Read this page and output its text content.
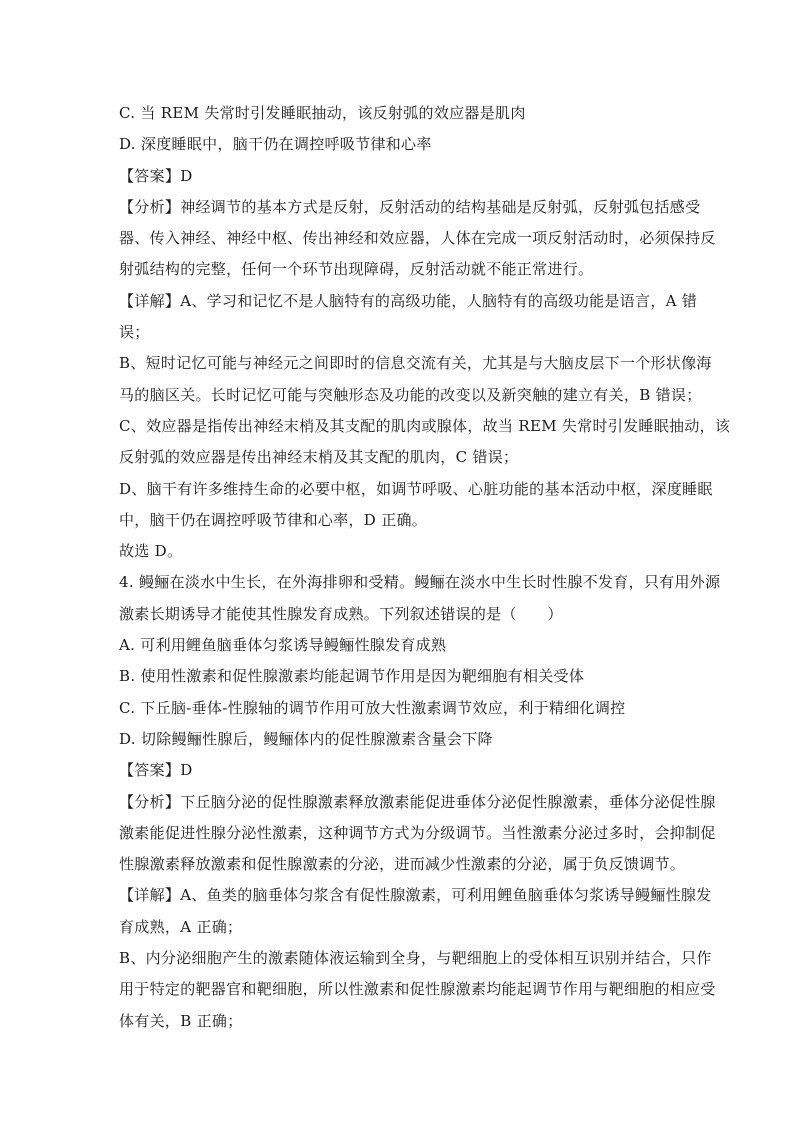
C. 当 REM 失常时引发睡眠抽动，该反射弧的效应器是肌肉
D. 深度睡眠中，脑干仍在调控呼吸节律和心率
【答案】D
【分析】神经调节的基本方式是反射，反射活动的结构基础是反射弧，反射弧包括感受
器、传入神经、神经中枢、传出神经和效应器，人体在完成一项反射活动时，必须保持反
射弧结构的完整，任何一个环节出现障碍，反射活动就不能正常进行。
【详解】A、学习和记忆不是人脑特有的高级功能，人脑特有的高级功能是语言，A 错
误；
B、短时记忆可能与神经元之间即时的信息交流有关，尤其是与大脑皮层下一个形状像海
马的脑区关。长时记忆可能与突触形态及功能的改变以及新突触的建立有关，B 错误；
C、效应器是指传出神经末梢及其支配的肌肉或腺体，故当 REM 失常时引发睡眠抽动，该
反射弧的效应器是传出神经末梢及其支配的肌肉，C 错误；
D、脑干有许多维持生命的必要中枢，如调节呼吸、心脏功能的基本活动中枢，深度睡眠
中，脑干仍在调控呼吸节律和心率，D 正确。
故选 D。
4. 鳗鲡在淡水中生长，在外海排卵和受精。鳗鲡在淡水中生长时性腺不发育，只有用外源
激素长期诱导才能使其性腺发育成熟。下列叙述错误的是（　　）
A. 可利用鲤鱼脑垂体匀浆诱导鳗鲡性腺发育成熟
B. 使用性激素和促性腺激素均能起调节作用是因为靶细胞有相关受体
C. 下丘脑-垂体-性腺轴的调节作用可放大性激素调节效应，利于精细化调控
D. 切除鳗鲡性腺后，鳗鲡体内的促性腺激素含量会下降
【答案】D
【分析】下丘脑分泌的促性腺激素释放激素能促进垂体分泌促性腺激素，垂体分泌促性腺
激素能促进性腺分泌性激素，这种调节方式为分级调节。当性激素分泌过多时，会抑制促
性腺激素释放激素和促性腺激素的分泌，进而减少性激素的分泌，属于负反馈调节。
【详解】A、鱼类的脑垂体匀浆含有促性腺激素，可利用鲤鱼脑垂体匀浆诱导鳗鲡性腺发
育成熟，A 正确；
B、内分泌细胞产生的激素随体液运输到全身，与靶细胞上的受体相互识别并结合，只作
用于特定的靶器官和靶细胞，所以性激素和促性腺激素均能起调节作用与靶细胞的相应受
体有关，B 正确；
